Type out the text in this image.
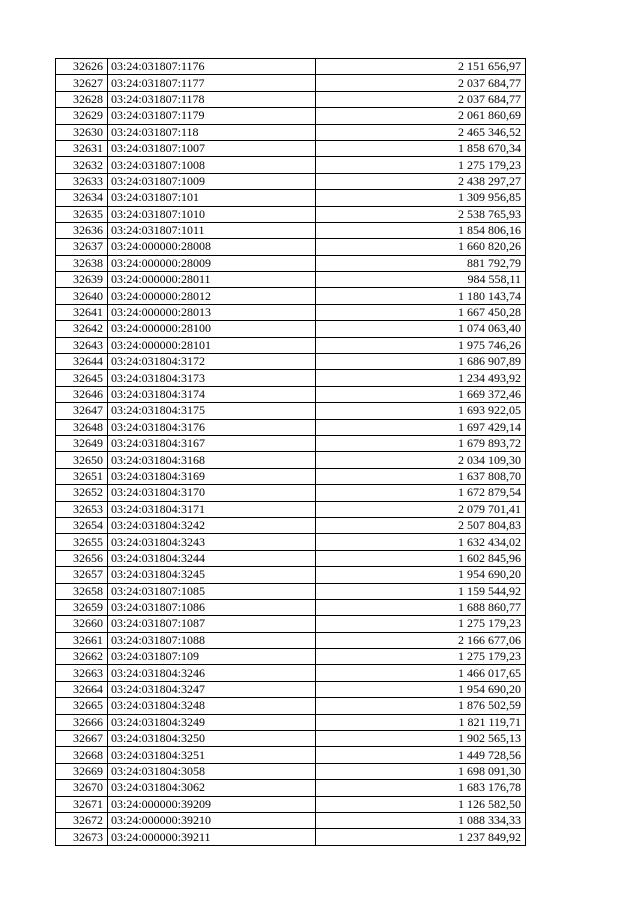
32626	03:24:031807:1176	2 151 656,97
32627	03:24:031807:1177	2 037 684,77
32628	03:24:031807:1178	2 037 684,77
32629	03:24:031807:1179	2 061 860,69
32630	03:24:031807:118	2 465 346,52
32631	03:24:031807:1007	1 858 670,34
32632	03:24:031807:1008	1 275 179,23
32633	03:24:031807:1009	2 438 297,27
32634	03:24:031807:101	1 309 956,85
32635	03:24:031807:1010	2 538 765,93
32636	03:24:031807:1011	1 854 806,16
32637	03:24:000000:28008	1 660 820,26
32638	03:24:000000:28009	881 792,79
32639	03:24:000000:28011	984 558,11
32640	03:24:000000:28012	1 180 143,74
32641	03:24:000000:28013	1 667 450,28
32642	03:24:000000:28100	1 074 063,40
32643	03:24:000000:28101	1 975 746,26
32644	03:24:031804:3172	1 686 907,89
32645	03:24:031804:3173	1 234 493,92
32646	03:24:031804:3174	1 669 372,46
32647	03:24:031804:3175	1 693 922,05
32648	03:24:031804:3176	1 697 429,14
32649	03:24:031804:3167	1 679 893,72
32650	03:24:031804:3168	2 034 109,30
32651	03:24:031804:3169	1 637 808,70
32652	03:24:031804:3170	1 672 879,54
32653	03:24:031804:3171	2 079 701,41
32654	03:24:031804:3242	2 507 804,83
32655	03:24:031804:3243	1 632 434,02
32656	03:24:031804:3244	1 602 845,96
32657	03:24:031804:3245	1 954 690,20
32658	03:24:031807:1085	1 159 544,92
32659	03:24:031807:1086	1 688 860,77
32660	03:24:031807:1087	1 275 179,23
32661	03:24:031807:1088	2 166 677,06
32662	03:24:031807:109	1 275 179,23
32663	03:24:031804:3246	1 466 017,65
32664	03:24:031804:3247	1 954 690,20
32665	03:24:031804:3248	1 876 502,59
32666	03:24:031804:3249	1 821 119,71
32667	03:24:031804:3250	1 902 565,13
32668	03:24:031804:3251	1 449 728,56
32669	03:24:031804:3058	1 698 091,30
32670	03:24:031804:3062	1 683 176,78
32671	03:24:000000:39209	1 126 582,50
32672	03:24:000000:39210	1 088 334,33
32673	03:24:000000:39211	1 237 849,92
